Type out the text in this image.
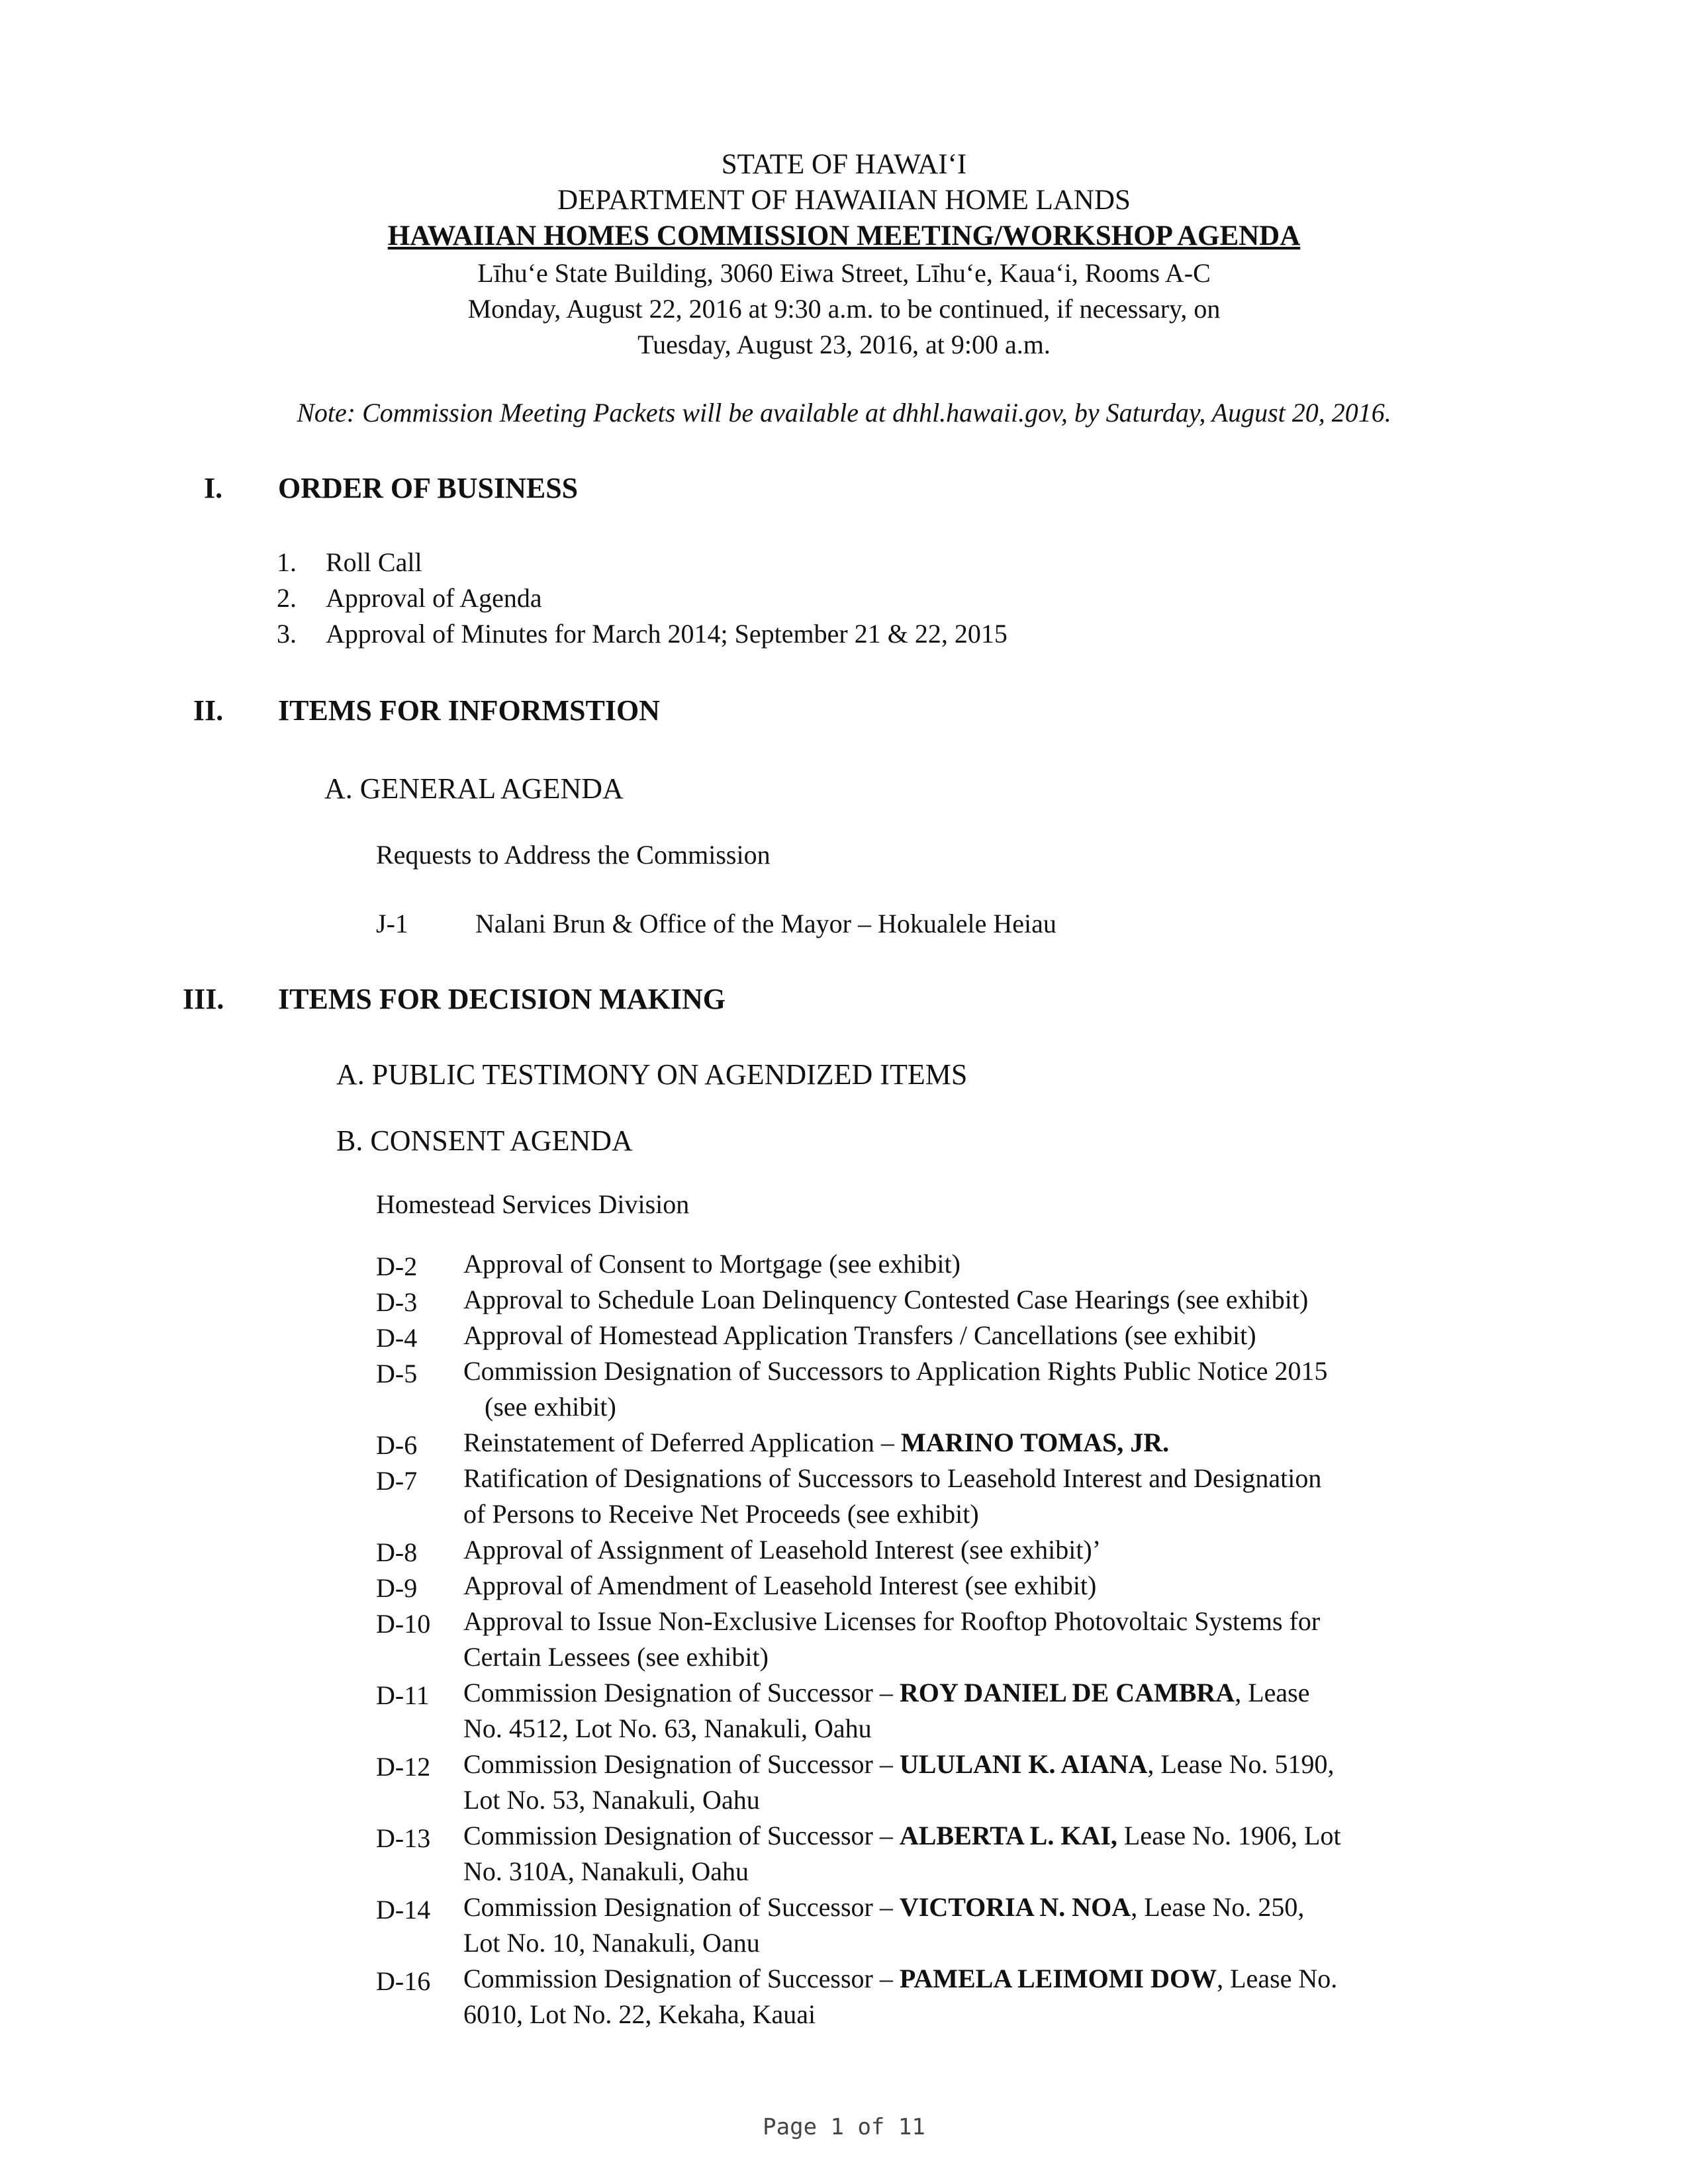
STATE OF HAWAI‘I
DEPARTMENT OF HAWAIIAN HOME LANDS
HAWAIIAN HOMES COMMISSION MEETING/WORKSHOP AGENDA
Līhu‘e State Building, 3060 Eiwa Street, Līhu‘e, Kaua‘i, Rooms A-C
Monday, August 22, 2016 at 9:30 a.m. to be continued, if necessary, on
Tuesday, August 23, 2016, at 9:00 a.m.
Note: Commission Meeting Packets will be available at dhhl.hawaii.gov, by Saturday, August 20, 2016.
I. ORDER OF BUSINESS
1. Roll Call
2. Approval of Agenda
3. Approval of Minutes for March 2014; September 21 & 22, 2015
II. ITEMS FOR INFORMSTION
A. GENERAL AGENDA
Requests to Address the Commission
J-1	Nalani Brun & Office of the Mayor – Hokualele Heiau
III. ITEMS FOR DECISION MAKING
A. PUBLIC TESTIMONY ON AGENDIZED ITEMS
B. CONSENT AGENDA
Homestead Services Division
D-2 Approval of Consent to Mortgage (see exhibit)
D-3 Approval to Schedule Loan Delinquency Contested Case Hearings (see exhibit)
D-4 Approval of Homestead Application Transfers / Cancellations (see exhibit)
D-5 Commission Designation of Successors to Application Rights Public Notice 2015
(see exhibit)
D-6 Reinstatement of Deferred Application – MARINO TOMAS, JR.
D-7 Ratification of Designations of Successors to Leasehold Interest and Designation
of Persons to Receive Net Proceeds (see exhibit)
D-8 Approval of Assignment of Leasehold Interest (see exhibit)’
D-9 Approval of Amendment of Leasehold Interest (see exhibit)
D-10 Approval to Issue Non-Exclusive Licenses for Rooftop Photovoltaic Systems for
Certain Lessees (see exhibit)
D-11 Commission Designation of Successor – ROY DANIEL DE CAMBRA, Lease
No. 4512, Lot No. 63, Nanakuli, Oahu
D-12 Commission Designation of Successor – ULULANI K. AIANA, Lease No. 5190,
Lot No. 53, Nanakuli, Oahu
D-13 Commission Designation of Successor – ALBERTA L. KAI, Lease No. 1906, Lot
No. 310A, Nanakuli, Oahu
D-14 Commission Designation of Successor – VICTORIA N. NOA, Lease No. 250,
Lot No. 10, Nanakuli, Oanu
D-16 Commission Designation of Successor – PAMELA LEIMOMI DOW, Lease No.
6010, Lot No. 22, Kekaha, Kauai
Page 1 of 11
